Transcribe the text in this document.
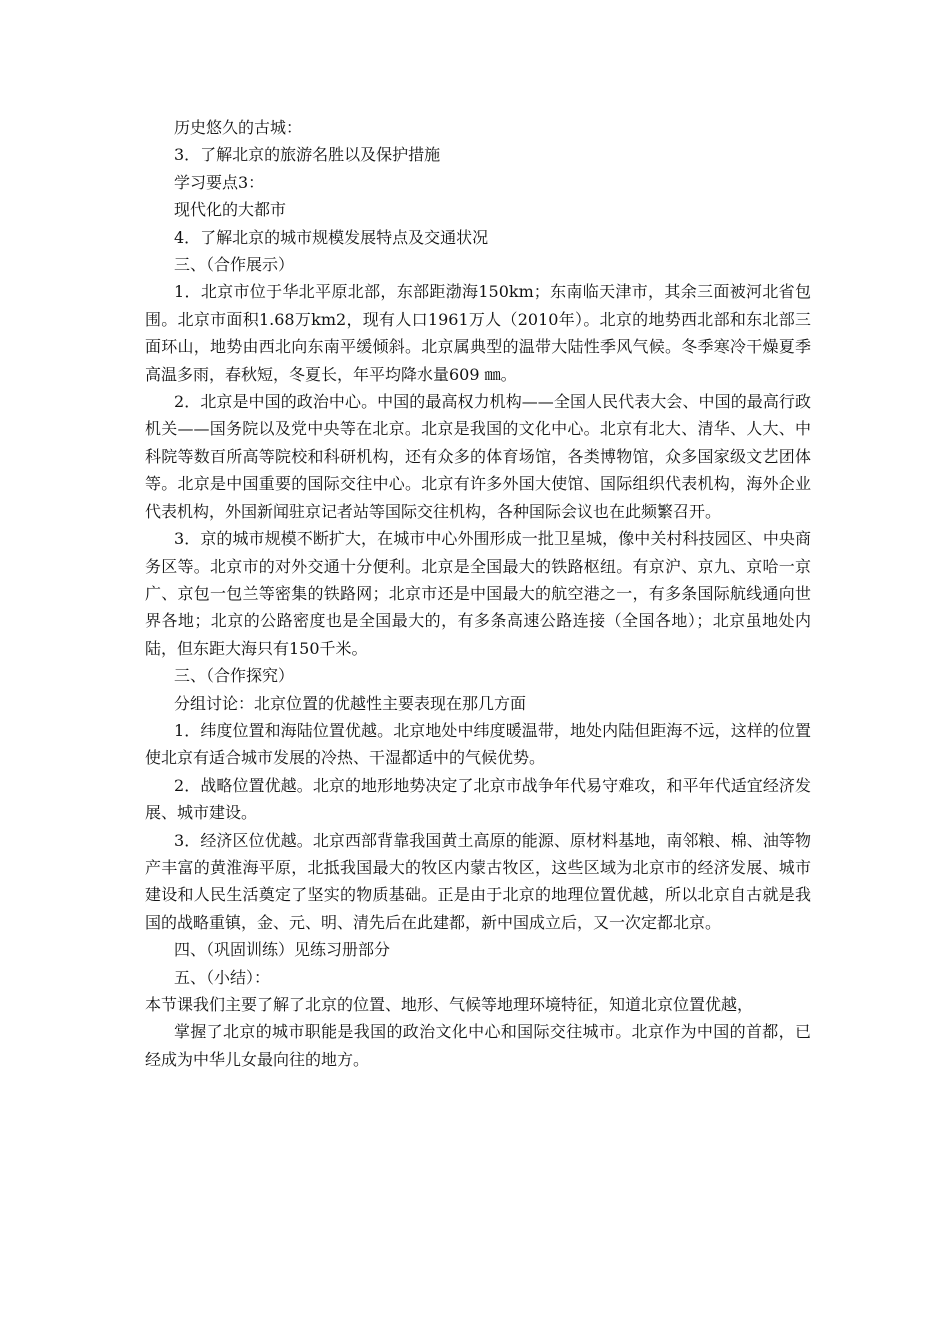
历史悠久的古城：

3．了解北京的旅游名胜以及保护措施

学习要点3：

现代化的大都市

4．了解北京的城市规模发展特点及交通状况

三、（合作展示）

1．北京市位于华北平原北部，东部距渤海150km；东南临天津市，其余三面被河北省包围。北京市面积1.68万km2，现有人口1961万人（2010年）。北京的地势西北部和东北部三面环山，地势由西北向东南平缓倾斜。北京属典型的温带大陆性季风气候。冬季寒冷干燥夏季高温多雨，春秋短，冬夏长，年平均降水量609 ㎜。

2．北京是中国的政治中心。中国的最高权力机构——全国人民代表大会、中国的最高行政机关——国务院以及党中央等在北京。北京是我国的文化中心。北京有北大、清华、人大、中科院等数百所高等院校和科研机构，还有众多的体育场馆，各类博物馆，众多国家级文艺团体等。北京是中国重要的国际交往中心。北京有许多外国大使馆、国际组织代表机构，海外企业代表机构，外国新闻驻京记者站等国际交往机构，各种国际会议也在此频繁召开。

3．京的城市规模不断扩大，在城市中心外围形成一批卫星城，像中关村科技园区、中央商务区等。北京市的对外交通十分便利。北京是全国最大的铁路枢纽。有京沪、京九、京哈一京广、京包一包兰等密集的铁路网；北京市还是中国最大的航空港之一，有多条国际航线通向世界各地；北京的公路密度也是全国最大的，有多条高速公路连接（全国各地）；北京虽地处内陆，但东距大海只有150千米。

三、（合作探究）

分组讨论：北京位置的优越性主要表现在那几方面

1．纬度位置和海陆位置优越。北京地处中纬度暖温带，地处内陆但距海不远，这样的位置使北京有适合城市发展的冷热、干湿都适中的气候优势。

2．战略位置优越。北京的地形地势决定了北京市战争年代易守难攻，和平年代适宜经济发展、城市建设。

3．经济区位优越。北京西部背靠我国黄土高原的能源、原材料基地，南邻粮、棉、油等物产丰富的黄淮海平原，北抵我国最大的牧区内蒙古牧区，这些区域为北京市的经济发展、城市建设和人民生活奠定了坚实的物质基础。正是由于北京的地理位置优越，所以北京自古就是我国的战略重镇，金、元、明、清先后在此建都，新中国成立后，又一次定都北京。

四、（巩固训练）见练习册部分

五、（小结）：

本节课我们主要了解了北京的位置、地形、气候等地理环境特征，知道北京位置优越，

掌握了北京的城市职能是我国的政治文化中心和国际交往城市。北京作为中国的首都，已经成为中华儿女最向往的地方。
